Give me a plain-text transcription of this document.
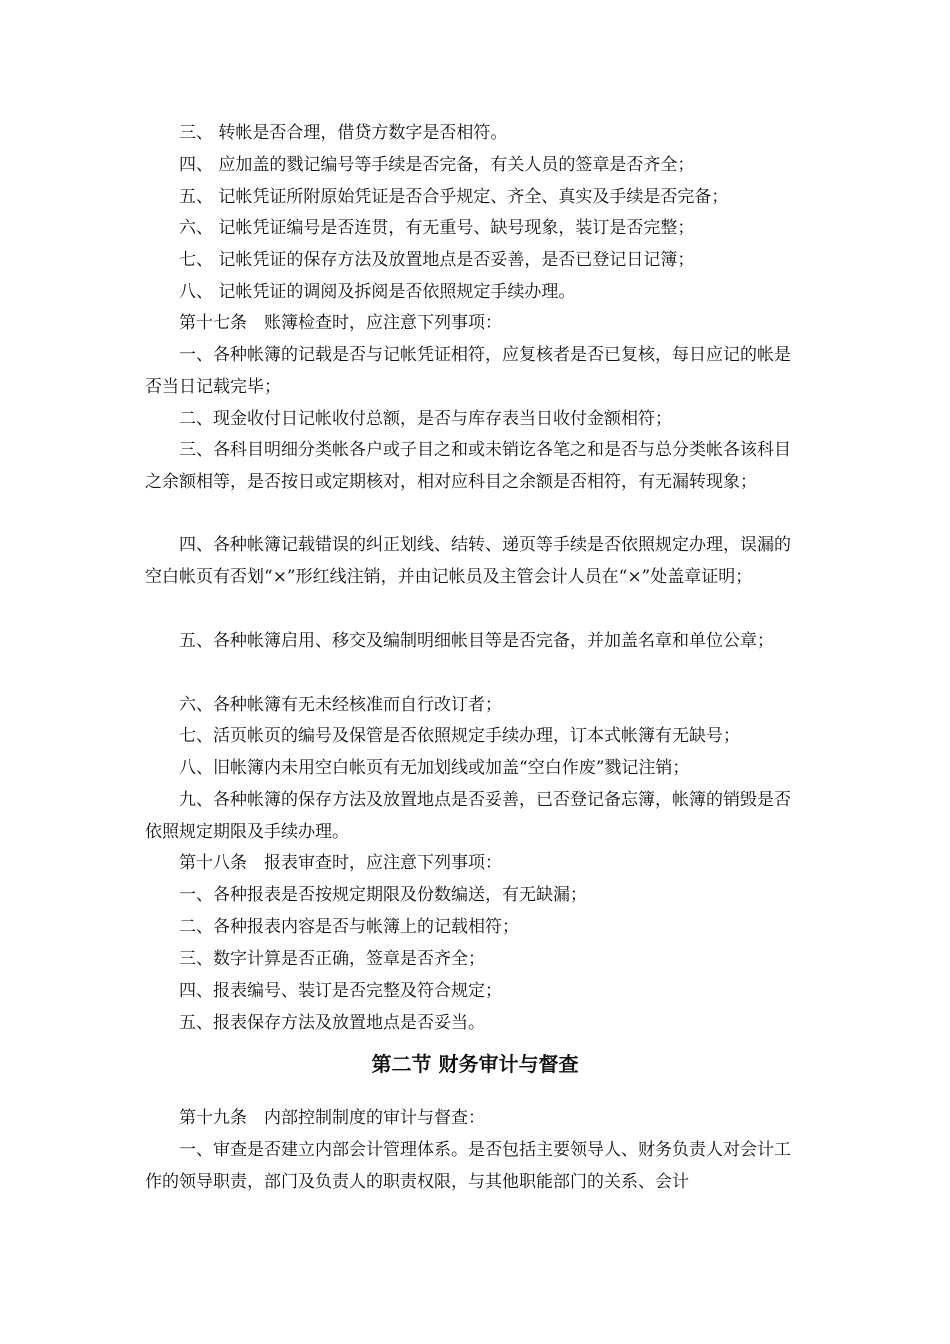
三、 转帐是否合理，借贷方数字是否相符。

四、 应加盖的戮记编号等手续是否完备，有关人员的签章是否齐全；

五、 记帐凭证所附原始凭证是否合乎规定、齐全、真实及手续是否完备；

六、 记帐凭证编号是否连贯，有无重号、缺号现象，装订是否完整；

七、 记帐凭证的保存方法及放置地点是否妥善，是否已登记日记簿；

八、 记帐凭证的调阅及拆阅是否依照规定手续办理。

第十七条　账簿检查时，应注意下列事项：

一、各种帐簿的记载是否与记帐凭证相符，应复核者是否已复核，每日应记的帐是否当日记载完毕；

二、现金收付日记帐收付总额，是否与库存表当日收付金额相符；

三、各科目明细分类帐各户或子目之和或未销讫各笔之和是否与总分类帐各该科目之余额相等，是否按日或定期核对，相对应科目之余额是否相符，有无漏转现象；

四、各种帐簿记载错误的纠正划线、结转、递页等手续是否依照规定办理，误漏的空白帐页有否划“×”形红线注销，并由记帐员及主管会计人员在“×”处盖章证明；

五、各种帐簿启用、移交及编制明细帐目等是否完备，并加盖名章和单位公章；

六、各种帐簿有无未经核准而自行改订者；

七、活页帐页的编号及保管是否依照规定手续办理，订本式帐簿有无缺号；

八、旧帐簿内未用空白帐页有无加划线或加盖“空白作废”戮记注销；

九、各种帐簿的保存方法及放置地点是否妥善，已否登记备忘簿，帐簿的销毁是否依照规定期限及手续办理。

第十八条　报表审查时，应注意下列事项：

一、各种报表是否按规定期限及份数编送，有无缺漏；

二、各种报表内容是否与帐簿上的记载相符；

三、数字计算是否正确，签章是否齐全；

四、报表编号、装订是否完整及符合规定；

五、报表保存方法及放置地点是否妥当。

第二节 财务审计与督查

第十九条　内部控制制度的审计与督查：

一、审查是否建立内部会计管理体系。是否包括主要领导人、财务负责人对会计工作的领导职责，部门及负责人的职责权限，与其他职能部门的关系、会计
